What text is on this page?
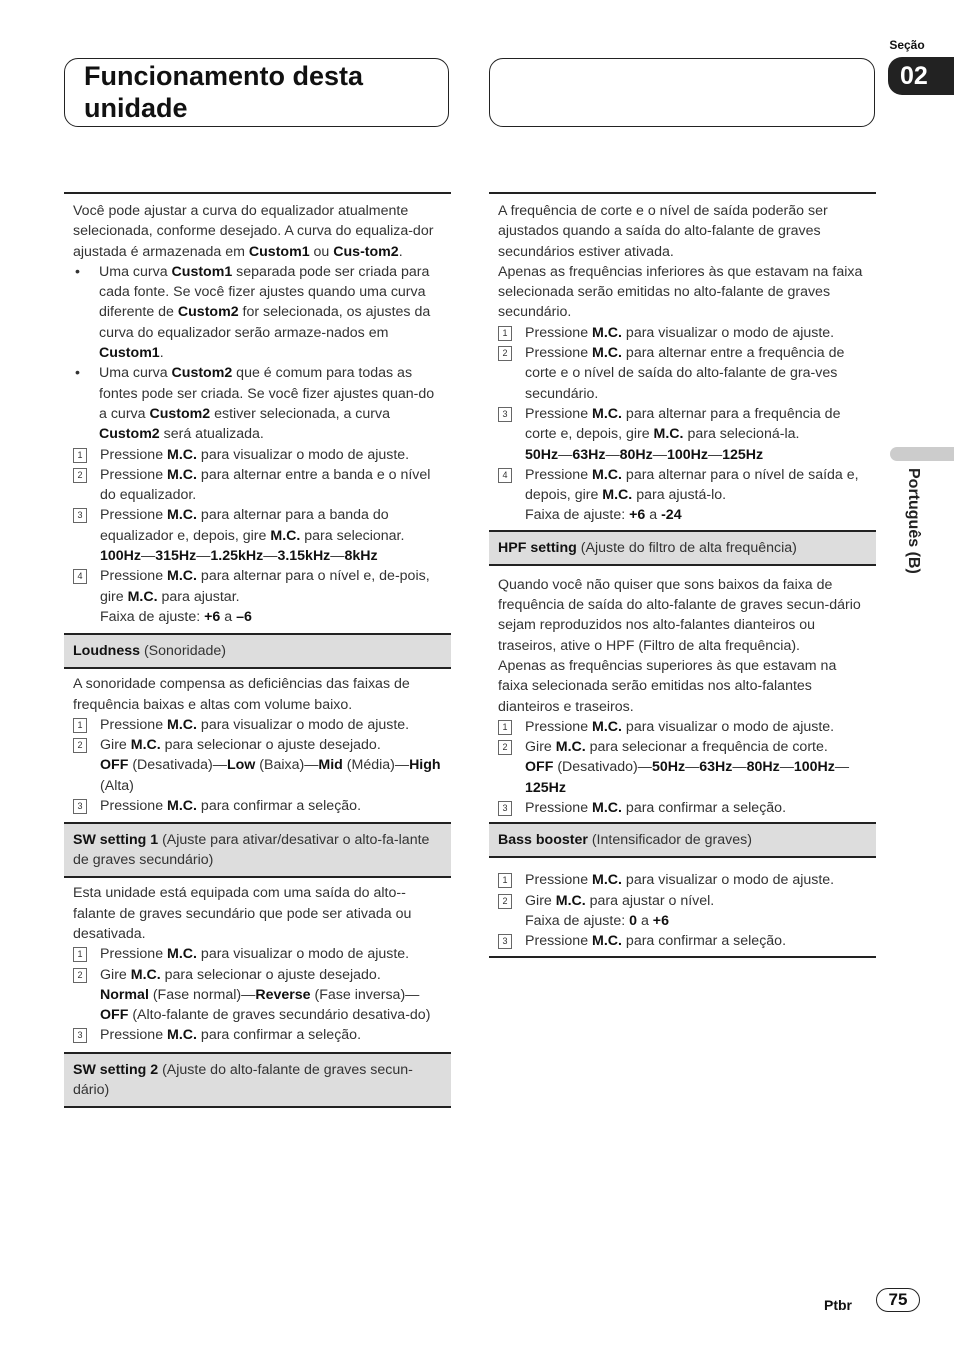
Funcionamento desta unidade
Seção
02
Português (B)

Você pode ajustar a curva do equalizador atualmente selecionada, conforme desejado. A curva do equaliza-dor ajustada é armazenada em Custom1 ou Cus-tom2.

•	Uma curva Custom1 separada pode ser criada para cada fonte. Se você fizer ajustes quando uma curva diferente de Custom2 for selecionada, os ajustes da curva do equalizador serão armaze-nados em Custom1.
•	Uma curva Custom2 que é comum para todas as fontes pode ser criada. Se você fizer ajustes quan-do a curva Custom2 estiver selecionada, a curva Custom2 será atualizada.
1	Pressione M.C. para visualizar o modo de ajuste.
2	Pressione M.C. para alternar entre a banda e o nível do equalizador.
3	Pressione M.C. para alternar para a banda do equalizador e, depois, gire M.C. para selecionar.
100Hz—315Hz—1.25kHz—3.15kHz—8kHz
4	Pressione M.C. para alternar para o nível e, de-pois, gire M.C. para ajustar.
Faixa de ajuste: +6 a –6
Loudness (Sonoridade)

A sonoridade compensa as deficiências das faixas de frequência baixas e altas com volume baixo.

1	Pressione M.C. para visualizar o modo de ajuste.
2	Gire M.C. para selecionar o ajuste desejado.
OFF (Desativada)—Low (Baixa)—Mid (Média)—High (Alta)
3	Pressione M.C. para confirmar a seleção.
SW setting 1 (Ajuste para ativar/desativar o alto-fa-lante de graves secundário)

Esta unidade está equipada com uma saída do alto--falante de graves secundário que pode ser ativada ou desativada.

1	Pressione M.C. para visualizar o modo de ajuste.
2	Gire M.C. para selecionar o ajuste desejado.
Normal (Fase normal)—Reverse (Fase inversa)—OFF (Alto-falante de graves secundário desativa-do)
3	Pressione M.C. para confirmar a seleção.
SW setting 2 (Ajuste do alto-falante de graves secun-dário)

A frequência de corte e o nível de saída poderão ser ajustados quando a saída do alto-falante de graves secundários estiver ativada.

Apenas as frequências inferiores às que estavam na faixa selecionada serão emitidas no alto-falante de graves secundário.

1	Pressione M.C. para visualizar o modo de ajuste.
2	Pressione M.C. para alternar entre a frequência de corte e o nível de saída do alto-falante de gra-ves secundário.
3	Pressione M.C. para alternar para a frequência de corte e, depois, gire M.C. para selecioná-la.
50Hz—63Hz—80Hz—100Hz—125Hz
4	Pressione M.C. para alternar para o nível de saída e, depois, gire M.C. para ajustá-lo.
Faixa de ajuste: +6 a -24
HPF setting (Ajuste do filtro de alta frequência)

Quando você não quiser que sons baixos da faixa de frequência de saída do alto-falante de graves secun-dário sejam reproduzidos nos alto-falantes dianteiros ou traseiros, ative o HPF (Filtro de alta frequência).

Apenas as frequências superiores às que estavam na faixa selecionada serão emitidas nos alto-falantes dianteiros e traseiros.

1	Pressione M.C. para visualizar o modo de ajuste.
2	Gire M.C. para selecionar a frequência de corte.
OFF (Desativado)—50Hz—63Hz—80Hz—100Hz—125Hz
3	Pressione M.C. para confirmar a seleção.
Bass booster (Intensificador de graves)
1	Pressione M.C. para visualizar o modo de ajuste.
2	Gire M.C. para ajustar o nível.
Faixa de ajuste: 0 a +6
3	Pressione M.C. para confirmar a seleção.
Ptbr	75
